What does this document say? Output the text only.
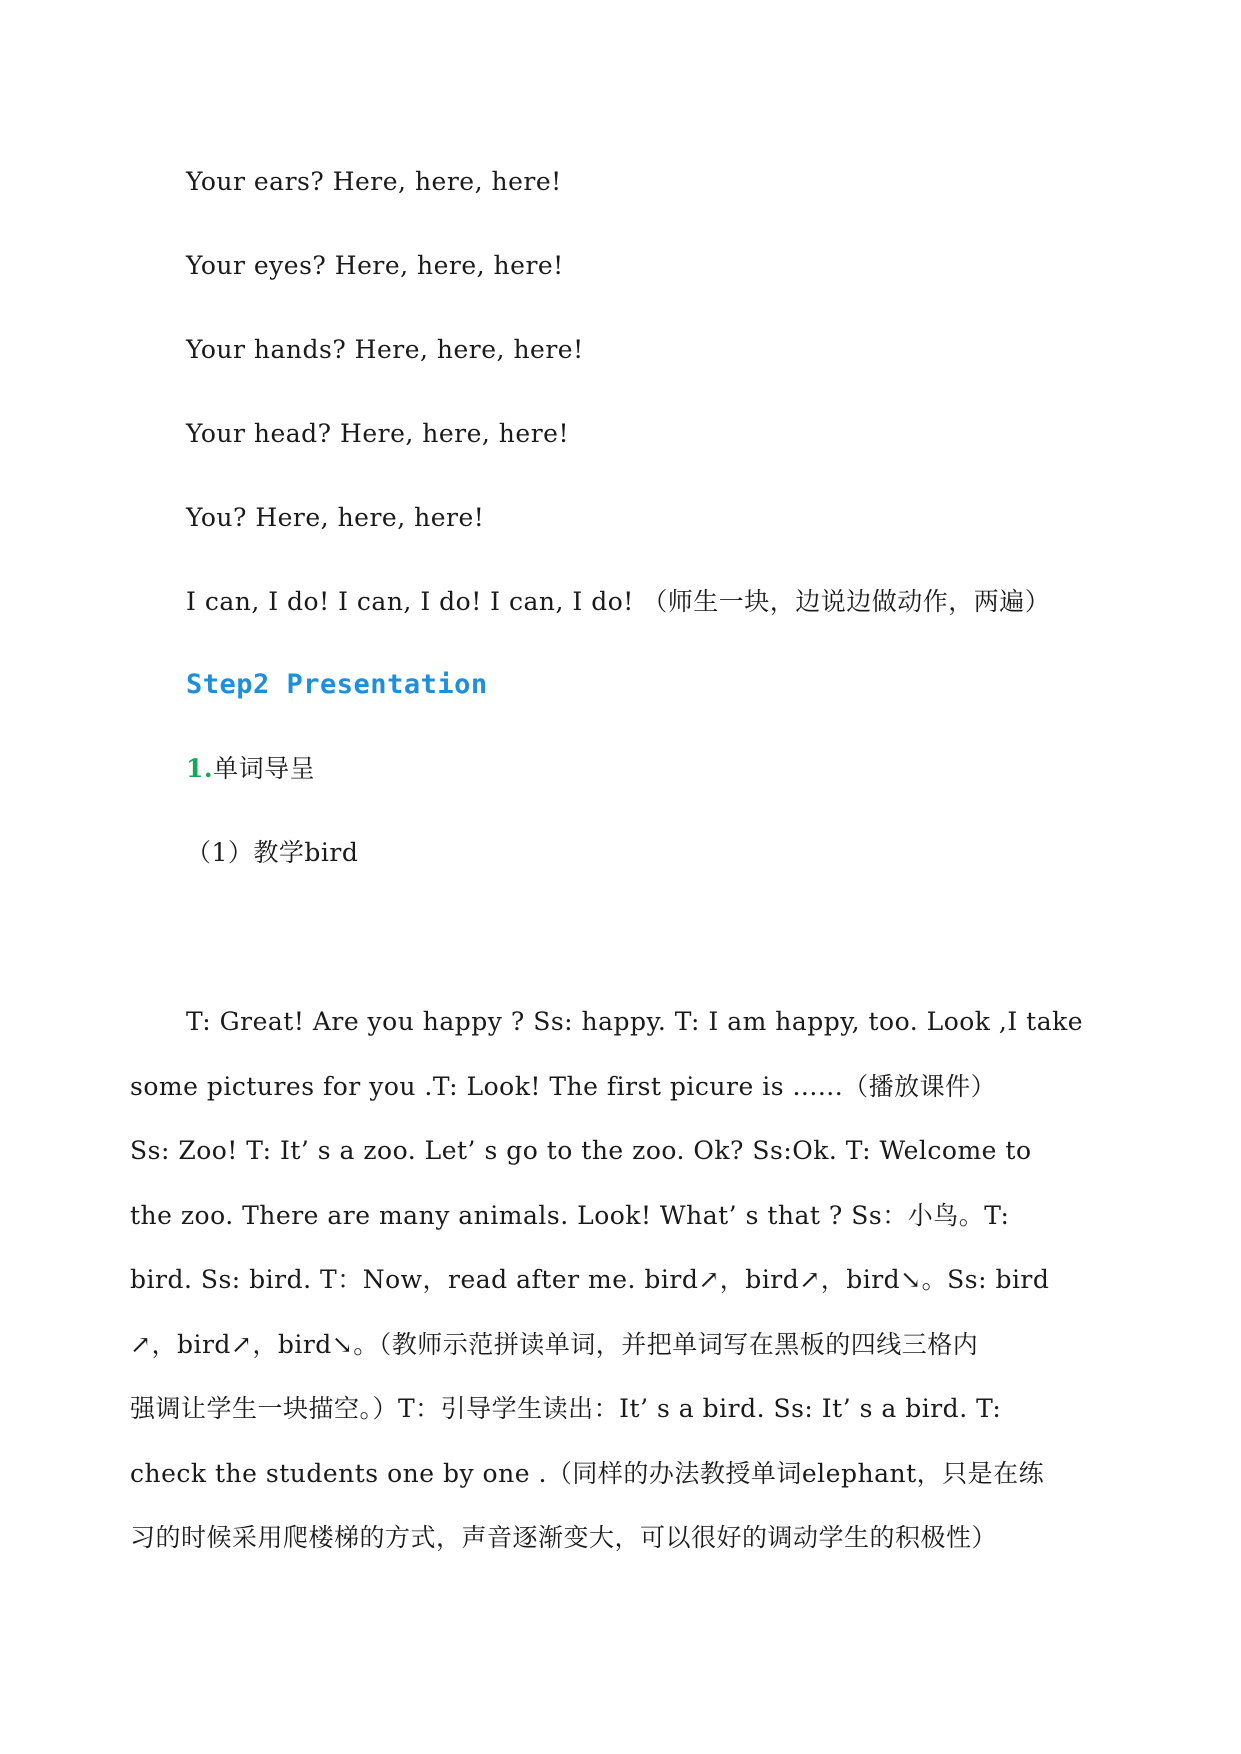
Your ears? Here, here, here!
Your eyes? Here, here, here!
Your hands? Here, here, here!
Your head? Here, here, here!
You? Here, here, here!
I can, I do! I can, I do! I can, I do! （师生一块，边说边做动作，两遍）
Step2 Presentation
1.单词导呈
（1）教学bird
T: Great! Are you happy ? Ss: happy. T: I am happy, too. Look ,I take
some pictures for you .T: Look! The first picure is ......（播放课件）
Ss: Zoo! T: It’ s a zoo. Let’ s go to the zoo. Ok? Ss:Ok. T: Welcome to
the zoo. There are many animals. Look! What’ s that ? Ss：小鸟。T:
bird. Ss: bird. T：Now，read after me. bird↗，bird↗，bird↘。Ss: bird
↗，bird↗，bird↘。（教师示范拼读单词，并把单词写在黑板的四线三格内
强调让学生一块描空。）T：引导学生读出：It’ s a bird. Ss: It’ s a bird. T:
check the students one by one .（同样的办法教授单词elephant，只是在练
习的时候采用爬楼梯的方式，声音逐渐变大，可以很好的调动学生的积极性）
